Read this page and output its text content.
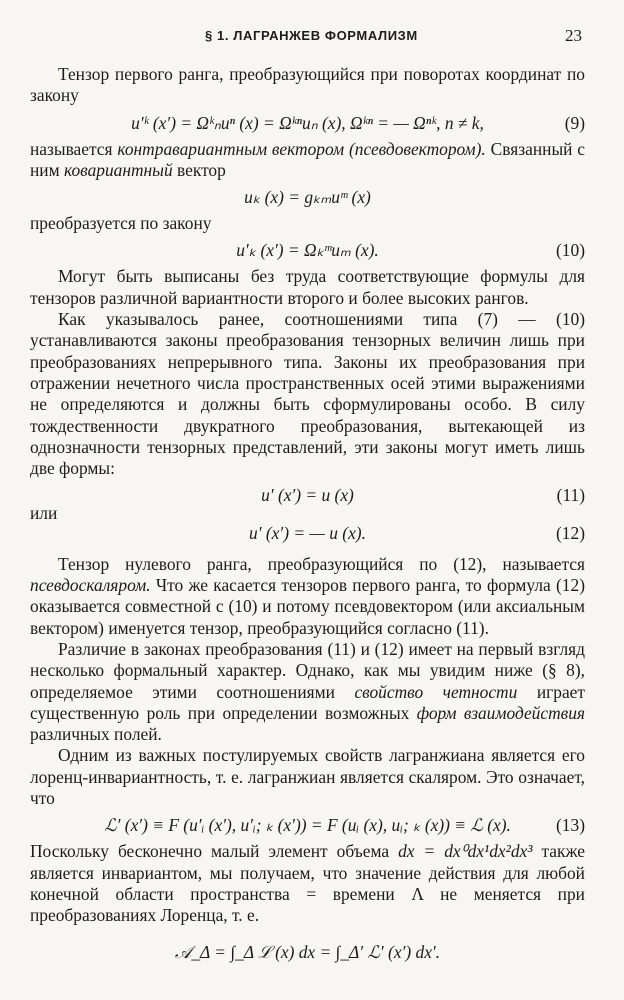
§ 1. ЛАГРАНЖЕВ ФОРМАЛИЗМ	23

Тензор первого ранга, преобразующийся при поворотах координат по закону

u′ᵏ (x′) = Ωᵏₙuⁿ (x) = Ωᵏⁿuₙ (x), Ωᵏⁿ = — Ωⁿᵏ, n ≠ k,	(9)

называется контравариантным вектором (псевдовектором). Связанный с ним ковариантный вектор

uₖ (x) = gₖₘuᵐ (x)

преобразуется по закону

u′ₖ (x′) = Ωₖᵐuₘ (x).	(10)

Могут быть выписаны без труда соответствующие формулы для тензоров различной вариантности второго и более высоких рангов.

Как указывалось ранее, соотношениями типа (7) — (10) устанавливаются законы преобразования тензорных величин лишь при преобразованиях непрерывного типа. Законы их преобразования при отражении нечетного числа пространственных осей этими выражениями не определяются и должны быть сформулированы особо. В силу тождественности двукратного преобразования, вытекающей из однозначности тензорных представлений, эти законы могут иметь лишь две формы:

u′ (x′) = u (x)	(11)

или

u′ (x′) = — u (x).	(12)

Тензор нулевого ранга, преобразующийся по (12), называется псевдоскаляром. Что же касается тензоров первого ранга, то формула (12) оказывается совместной с (10) и потому псевдовектором (или аксиальным вектором) именуется тензор, преобразующийся согласно (11).

Различие в законах преобразования (11) и (12) имеет на первый взгляд несколько формальный характер. Однако, как мы увидим ниже (§ 8), определяемое этими соотношениями свойство четности играет существенную роль при определении возможных форм взаимодействия различных полей.

Одним из важных постулируемых свойств лагранжиана является его лоренц-инвариантность, т. е. лагранжиан является скаляром. Это означает, что

ℒ′ (x′) ≡ F (u′ᵢ (x′), u′ᵢ; ₖ (x′)) = F (uᵢ (x), uᵢ; ₖ (x)) ≡ ℒ (x).	(13)

Поскольку бесконечно малый элемент объема dx = dx⁰dx¹dx²dx³ также является инвариантом, мы получаем, что значение действия для любой конечной области пространства = времени Λ не меняется при преобразованиях Лоренца, т. е.

𝒜_Δ = ∫_Δ ℒ (x) dx = ∫_Δ′ ℒ′ (x′) dx′.
